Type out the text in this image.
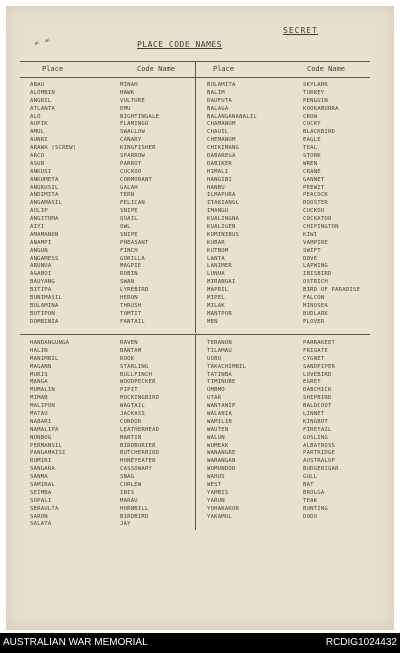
☙ ☙
SECRET
PLACE CODE NAMES
Place	Code Name	Place	Code Name
ABAU	MINAH	BULAMITA	SKYLARK
ALOMBIN	HAWK	BALIM	TURKEY
ANGRIL	VULTURE	DAUFUTA	PENGUIN
ATLANTA	EMU	BALAGA	KOOKABURRA
ALO	NIGHTINGALE	BALANGANABALIL	CROW
AUPIK	FLAMINGO	CHAMANUM	COCKY
AMUL	SWALLOW	CHAUIL	BLACKBIRD
AUNRI	CANARY	CHEMANUM	EAGLE
ARAWA (SCREW)	KINGFISHER	CHIKIMANG	TEAL
ARCO	SPARROW	DABAREGA	STORK
ASUN	PARROT	DABIKER	WREN
ANKUSI	CUCKOO	HIMALI	CRANE
ANKUMETA	CORMORANT	HANGIBI	GANNET
ANUKUSIL	GALAH	HANBU	PEEWIT
ANDIMITA	TERN	ILMAPURA	PEACOCK
ANGAMASIL	PELICAN	ITAKIANGL	ROOSTER
AULIP	SNIPE	IMANGU	CUCKOO
ANGITOMA	QUAIL	KUALINGNA	COCKATOO
AIYI	OWL	KUALIGEN	CHIPINGTON
AMAMANON	SNIPE	KOMINIBUS	KIWI
ANAMPI	PHEASANT	KUBAR	VAMPIRE
ANGUN	FINCH	KUTBOM	SWIFT
ANGAMESS	GORILLA	LANTA	DOVE
ARUNUA	MAGPIE	LANIMER	LAPWING
AGABOI	ROBIN	LUNUA	IBISBIRD
BAUYANG	SWAN	MIRANGAI	OSTRICH
BITIPA	LYREBIRD	MAPRIL	BIRD OF PARADISE
BUNIMASIL	HERON	MIPEL	FALCON
BOLAMINA	THRUSH	MILAK	MINOSEA
BUTIPON	TOMTIT	MANTPOR	BUDLARK
DOMBINIA	FANTAIL	MEN	PLOVER
HANDANGUNGA	RAVEN	TERANON	PARRAKEET
HALIN	BANTAM	TILAMAU	FRIGATE
MANIMBIL	ROOK	UOBO	CYGNET
MAGANN	STARLING	TAKACHIMBIL	SANDPIPER
MURIS	BULLFINCH	TATINBA	LOVEBIRD
MANGA	WOODPECKER	TIMINUBE	EGRET
MUMALIN	PIPIT	UMBMO	DABCHICK
MIMAB	MOCKINGBIRD	UTAR	SHIPBIRD
MALIPON	WAGTAIL	WANTANIP	BALDCOOT
MATAU	JACKASS	WALANIA	LINNET
NABARI	CONDOR	WAMILIB	KINGBOT
NAMALIPA	LEATHERHEAD	WAUTEN	FIRETAIL
NONBOG	MARTIN	WALUN	GOSLING
PERMANSIL	BIRDBORIER	WUMEAK	ALBATROSS
PANGAMAISI	BUTCHERBIRD	WANANGRE	PARTRIDGE
RUMIRI	HONEYEATER	WARANGAN	AUSTRALOP
SANGARA	CASSOWARY	WOMUNDOR	BUDGERIGAR
SANMA	SNAG	WAHUS	GULL
SAMIRAL	CURLEW	WEST	BAT
SEIMBA	IBIS	YAMBIS	BROLGA
SOPALI	MARAU	YARUN	TEAK
SERAULTA	HORNBILL	YOHAKAKOR	BUNTING
SARON	BIRDBIRD	YAKAMUL	DODO
SALATA	JAY
AUSTRALIAN WAR MEMORIAL	RCDIG1024432
